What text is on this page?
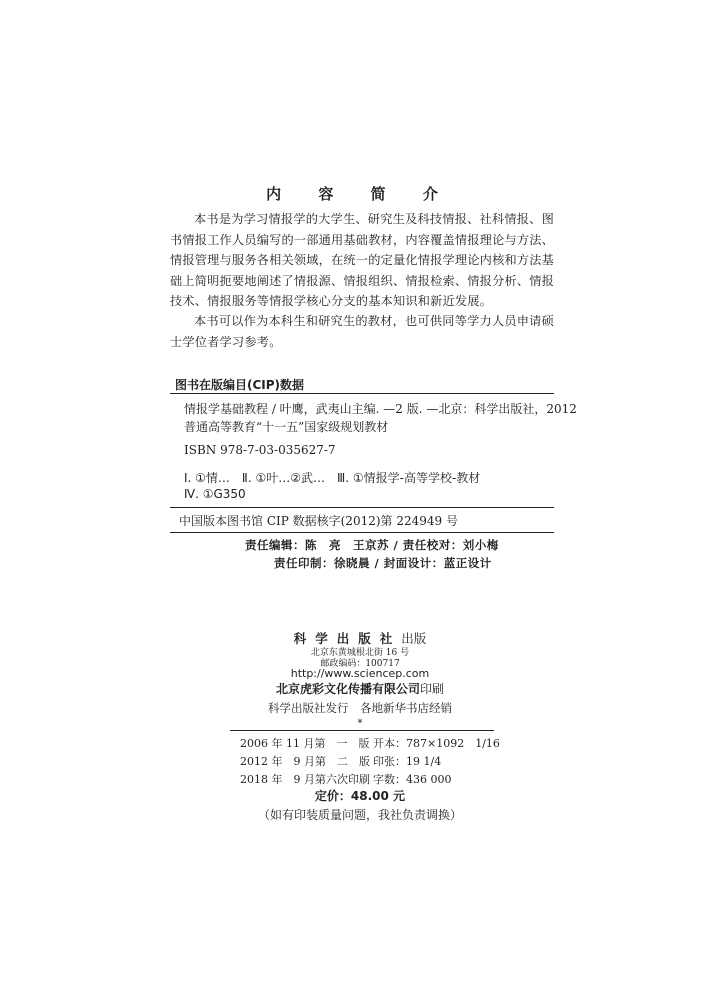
内 容 简 介

本书是为学习情报学的大学生、研究生及科技情报、社科情报、图书情报工作人员编写的一部通用基础教材，内容覆盖情报理论与方法、情报管理与服务各相关领域，在统一的定量化情报学理论内核和方法基础上简明扼要地阐述了情报源、情报组织、情报检索、情报分析、情报技术、情报服务等情报学核心分支的基本知识和新近发展。

本书可以作为本科生和研究生的教材，也可供同等学力人员申请硕士学位者学习参考。

图书在版编目(CIP)数据
情报学基础教程 / 叶鹰，武夷山主编. —2 版. —北京：科学出版社，2012
普通高等教育“十一五”国家级规划教材
ISBN 978-7-03-035627-7
Ⅰ. ①情…　Ⅱ. ①叶…②武…　Ⅲ. ①情报学-高等学校-教材
Ⅳ. ①G350
中国版本图书馆 CIP 数据核字(2012)第 224949 号
责任编辑：陈　亮　王京苏 / 责任校对：刘小梅
责任印制：徐晓晨 / 封面设计：蓝正设计
科学出版社出版
北京东黄城根北街 16 号
邮政编码：100717
http://www.sciencep.com
北京虎彩文化传播有限公司印刷
科学出版社发行　各地新华书店经销
*
2006 年 11 月第　一　版 开本：787×1092　1/16
2012 年　9 月第　二　版 印张：19 1/4
2018 年　9 月第六次印刷 字数：436 000
定价：48.00 元
（如有印装质量问题，我社负责调换）
